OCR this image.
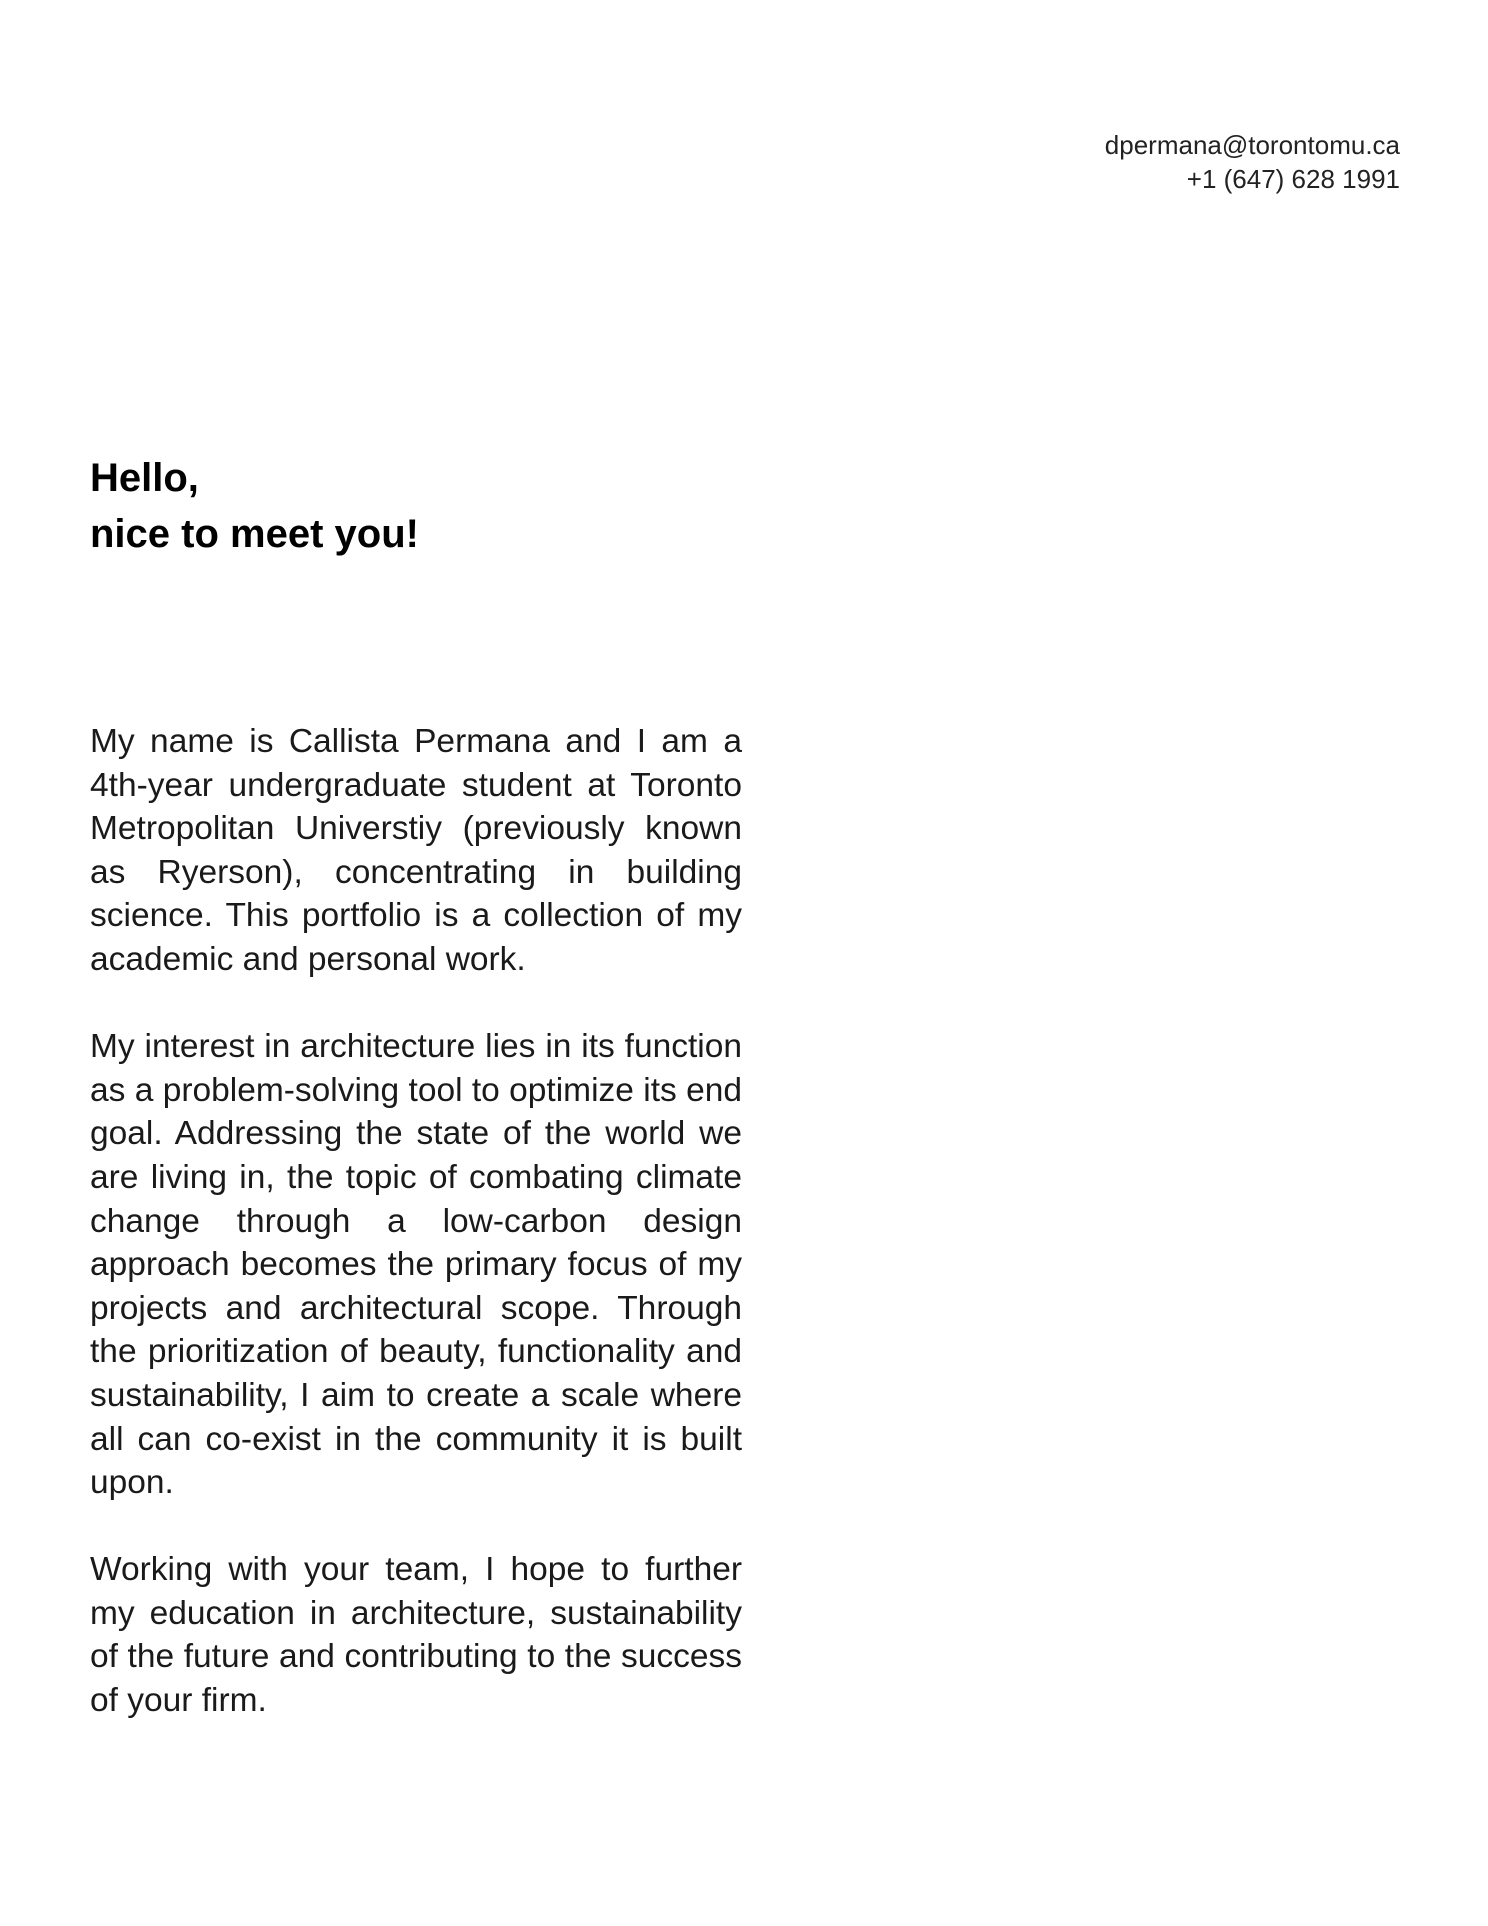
dpermana@torontomu.ca
+1 (647) 628 1991
Hello,
nice to meet you!

My name is Callista Permana and I am a 4th-year undergraduate student at Toronto Metropolitan Universtiy (previously known as Ryerson), concentrating in building science. This portfolio is a collection of my academic and personal work.

My interest in architecture lies in its function as a problem-solving tool to optimize its end goal. Addressing the state of the world we are living in, the topic of combating climate change through a low-carbon design approach becomes the primary focus of my projects and architectural scope. Through the prioritization of beauty, functionality and sustainability, I aim to create a scale where all can co-exist in the community it is built upon.

Working with your team, I hope to further my education in architecture, sustainability of the future and contributing to the success of your firm.
